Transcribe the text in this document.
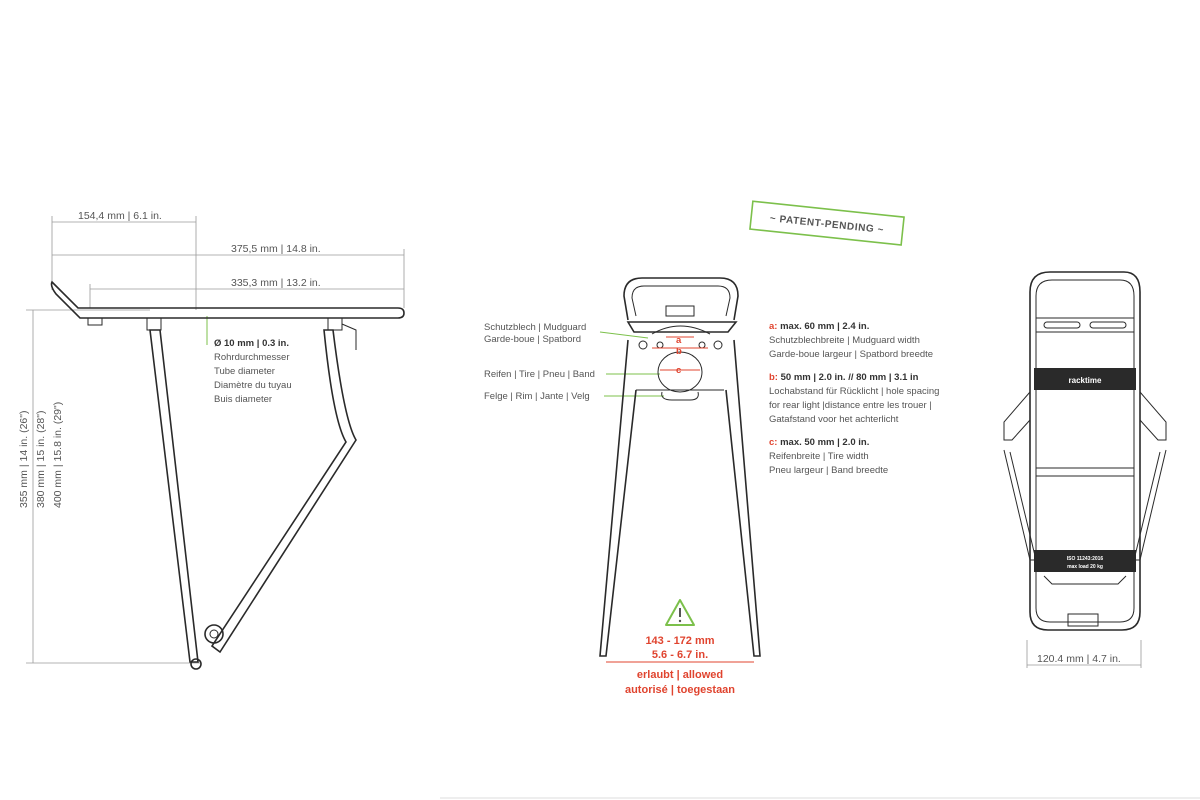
154,4 mm | 6.1 in.
375,5 mm | 14.8 in.
335,3 mm | 13.2 in.
355 mm | 14 in. (26") 380 mm | 15 in. (28") 400 mm | 15.8 in. (29")
Ø 10 mm | 0.3 in.
Rohrdurchmesser
Tube diameter
Diamètre du tuyau
Buis diameter
~ PATENT-PENDING ~
Schutzblech | Mudguard
Garde-boue | Spatbord
Reifen | Tire | Pneu | Band
Felge | Rim | Jante | Velg
a
b
c
143 - 172 mm
5.6 - 6.7 in.
erlaubt | allowed
autorisé | toegestaan
a: max. 60 mm | 2.4 in.
Schutzblechbreite | Mudguard width
Garde-boue largeur | Spatbord breedte
b: 50 mm | 2.0 in. // 80 mm | 3.1 in
Lochabstand für Rücklicht | hole spacing
for rear light |distance entre les trouer |
Gatafstand voor het achterlicht
c: max. 50 mm | 2.0 in.
Reifenbreite | Tire width
Pneu largeur | Band breedte
racktime
ISO 11243:2016
max load 20 kg
120.4 mm | 4.7 in.
